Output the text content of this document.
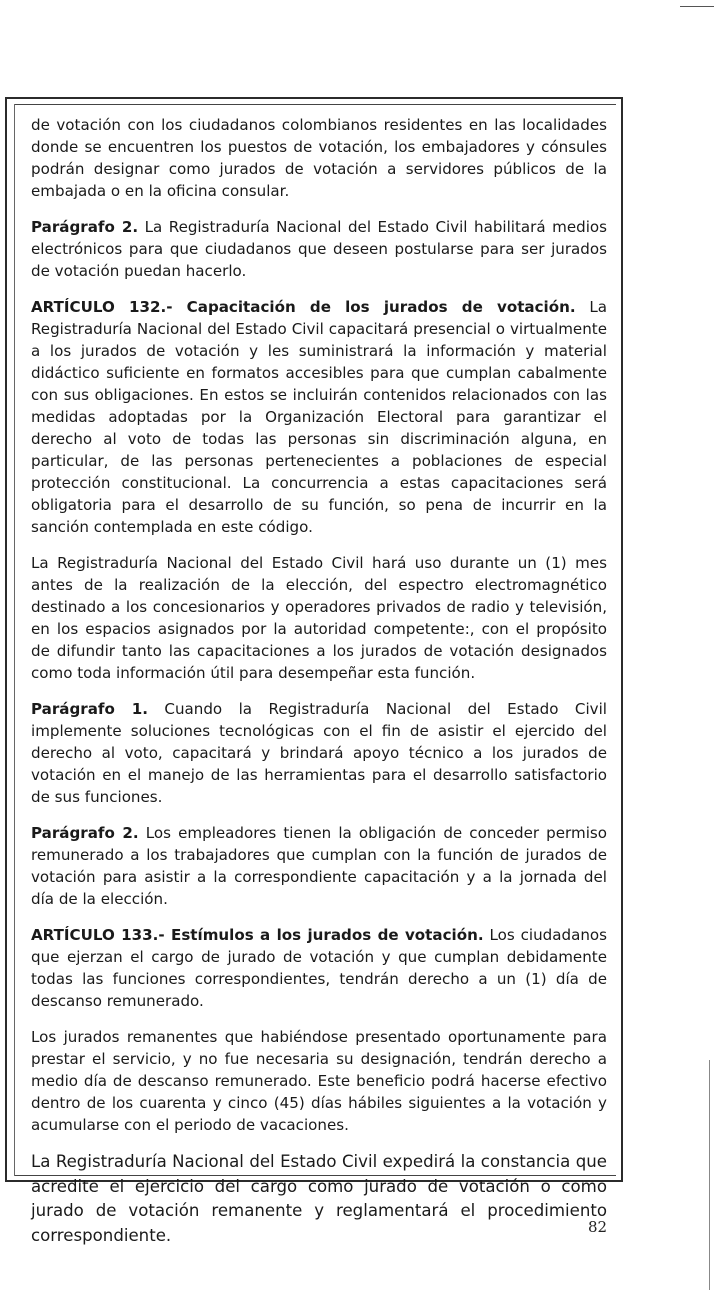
de votación con los ciudadanos colombianos residentes en las localidades donde se encuentren los puestos de votación, los embajadores y cónsules podrán designar como jurados de votación a servidores públicos de la embajada o en la oficina consular.

Parágrafo 2. La Registraduría Nacional del Estado Civil habilitará medios electrónicos para que ciudadanos que deseen postularse para ser jurados de votación puedan hacerlo.

ARTÍCULO 132.- Capacitación de los jurados de votación. La Registraduría Nacional del Estado Civil capacitará presencial o virtualmente a los jurados de votación y les suministrará la información y material didáctico suficiente en formatos accesibles para que cumplan cabalmente con sus obligaciones. En estos se incluirán contenidos relacionados con las medidas adoptadas por la Organización Electoral para garantizar el derecho al voto de todas las personas sin discriminación alguna, en particular, de las personas pertenecientes a poblaciones de especial protección constitucional. La concurrencia a estas capacitaciones será obligatoria para el desarrollo de su función, so pena de incurrir en la sanción contemplada en este código.

La Registraduría Nacional del Estado Civil hará uso durante un (1) mes antes de la realización de la elección, del espectro electromagnético destinado a los concesionarios y operadores privados de radio y televisión, en los espacios asignados por la autoridad competente:, con el propósito de difundir tanto las capacitaciones a los jurados de votación designados como toda información útil para desempeñar esta función.

Parágrafo 1. Cuando la Registraduría Nacional del Estado Civil implemente soluciones tecnológicas con el fin de asistir el ejercido del derecho al voto, capacitará y brindará apoyo técnico a los jurados de votación en el manejo de las herramientas para el desarrollo satisfactorio de sus funciones.

Parágrafo 2. Los empleadores tienen la obligación de conceder permiso remunerado a los trabajadores que cumplan con la función de jurados de votación para asistir a la correspondiente capacitación y a la jornada del día de la elección.

ARTÍCULO 133.- Estímulos a los jurados de votación. Los ciudadanos que ejerzan el cargo de jurado de votación y que cumplan debidamente todas las funciones correspondientes, tendrán derecho a un (1) día de descanso remunerado.

Los jurados remanentes que habiéndose presentado oportunamente para prestar el servicio, y no fue necesaria su designación, tendrán derecho a medio día de descanso remunerado. Este beneficio podrá hacerse efectivo dentro de los cuarenta y cinco (45) días hábiles siguientes a la votación y acumularse con el periodo de vacaciones.

La Registraduría Nacional del Estado Civil expedirá la constancia que acredite el ejercicio del cargo como jurado de votación o como jurado de votación remanente y reglamentará el procedimiento correspondiente.	82
